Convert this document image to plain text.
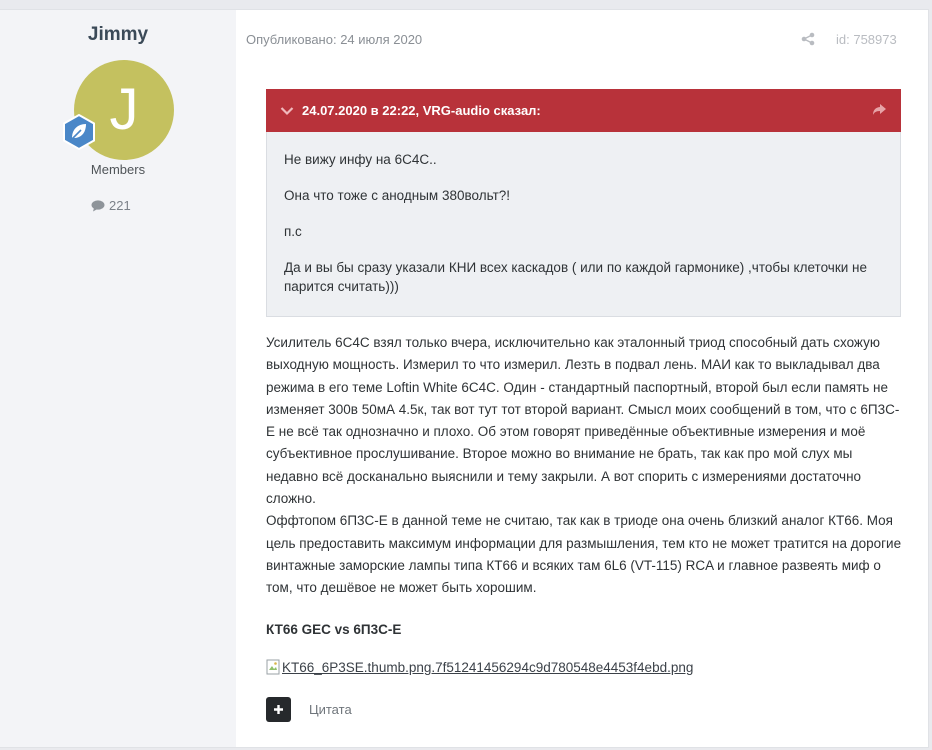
Jimmy
J
Members
221
Опубликовано: 24 июля 2020	id: 758973
24.07.2020 в 22:22, VRG-audio сказал:

Не вижу инфу на 6С4С..

Она что тоже с анодным 380вольт?!

п.с

Да и вы бы сразу указали КНИ всех каскадов ( или по каждой гармонике) ,чтобы клеточки не парится считать)))

Усилитель 6С4С взял только вчера, исключительно как эталонный триод способный дать схожую выходную мощность. Измерил то что измерил. Лезть в подвал лень. МАИ как то выкладывал два режима в его теме Loftin White 6С4С. Один - стандартный паспортный, второй был если память не изменяет 300в 50мА 4.5к, так вот тут тот второй вариант. Смысл моих сообщений в том, что с 6П3С-Е не всё так однозначно и плохо. Об этом говорят приведённые объективные измерения и моё субъективное прослушивание. Второе можно во внимание не брать, так как про мой слух мы недавно всё досканально выяснили и тему закрыли. А вот спорить с измерениями достаточно сложно.
Оффтопом 6П3С-Е в данной теме не считаю, так как в триоде она очень близкий аналог КТ66. Моя цель предоставить максимум информации для размышления, тем кто не может тратится на дорогие винтажные заморские лампы типа КТ66 и всяких там 6L6 (VT-115) RCA и главное развеять миф о том, что дешёвое не может быть хорошим.
КТ66 GEC vs 6П3С-Е
KT66_6P3SE.thumb.png.7f51241456294c9d780548e4453f4ebd.png
Цитата
